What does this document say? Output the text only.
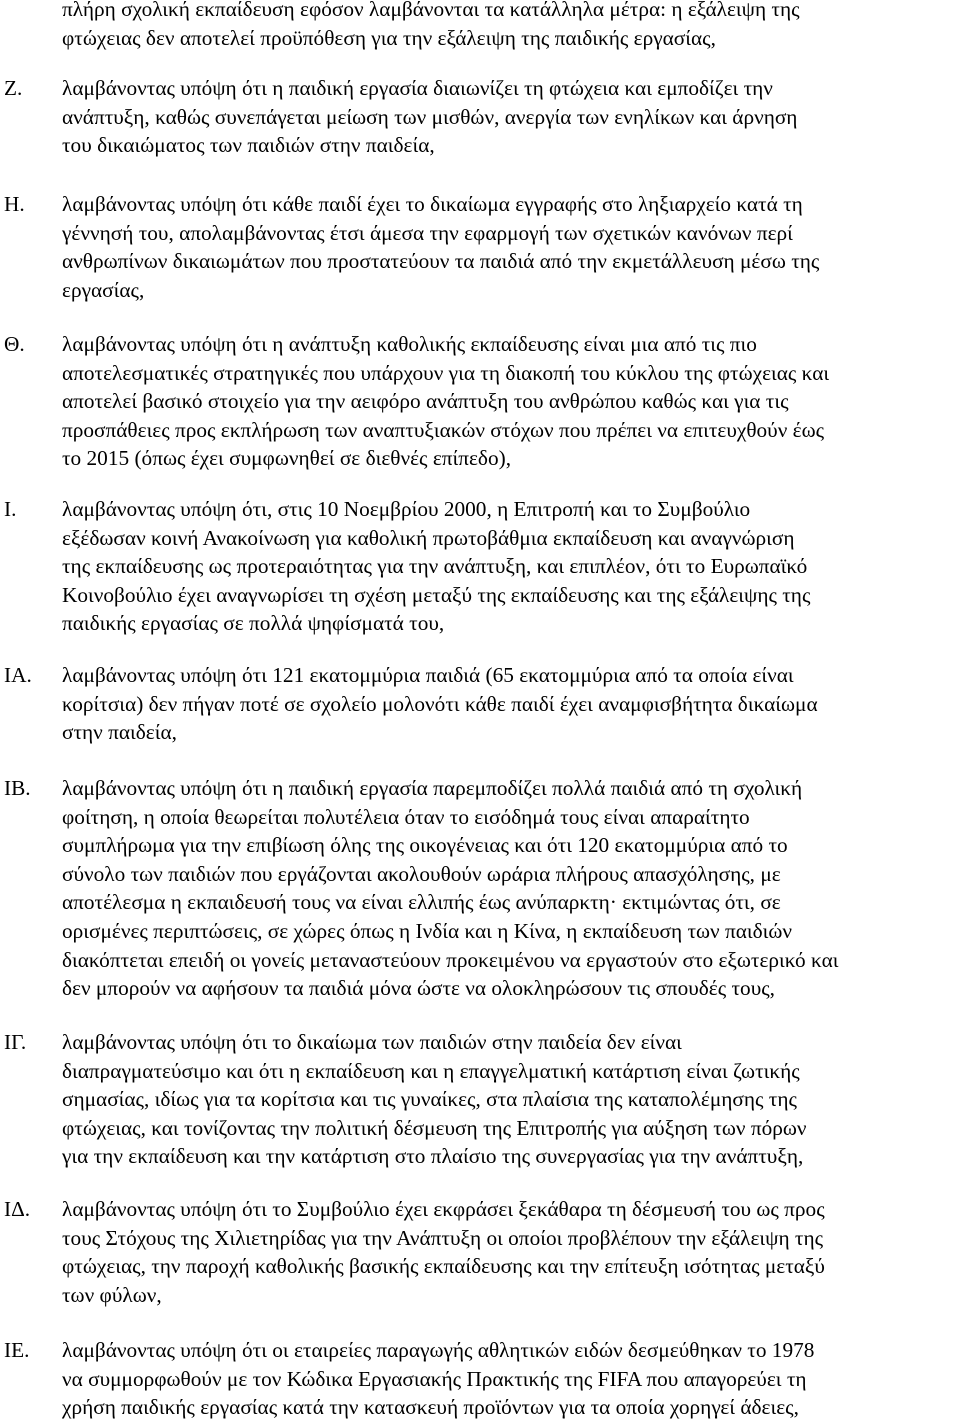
πλήρη σχολική εκπαίδευση εφόσον λαμβάνονται τα κατάλληλα μέτρα: η εξάλειψη της
φτώχειας δεν αποτελεί προϋπόθεση για την εξάλειψη της παιδικής εργασίας,
Ζ. λαμβάνοντας υπόψη ότι η παιδική εργασία διαιωνίζει τη φτώχεια και εμποδίζει την
ανάπτυξη, καθώς συνεπάγεται μείωση των μισθών, ανεργία των ενηλίκων και άρνηση
του δικαιώματος των παιδιών στην παιδεία,
Η. λαμβάνοντας υπόψη ότι κάθε παιδί έχει το δικαίωμα εγγραφής στο ληξιαρχείο κατά τη
γέννησή του, απολαμβάνοντας έτσι άμεσα την εφαρμογή των σχετικών κανόνων περί
ανθρωπίνων δικαιωμάτων που προστατεύουν τα παιδιά από την εκμετάλλευση μέσω της
εργασίας,
Θ. λαμβάνοντας υπόψη ότι η ανάπτυξη καθολικής εκπαίδευσης είναι μια από τις πιο
αποτελεσματικές στρατηγικές που υπάρχουν για τη διακοπή του κύκλου της φτώχειας και
αποτελεί βασικό στοιχείο για την αειφόρο ανάπτυξη του ανθρώπου καθώς και για τις
προσπάθειες προς εκπλήρωση των αναπτυξιακών στόχων που πρέπει να επιτευχθούν έως
το 2015 (όπως έχει συμφωνηθεί σε διεθνές επίπεδο),
Ι. λαμβάνοντας υπόψη ότι, στις 10 Νοεμβρίου 2000, η Επιτροπή και το Συμβούλιο
εξέδωσαν κοινή Ανακοίνωση για καθολική πρωτοβάθμια εκπαίδευση και αναγνώριση
της εκπαίδευσης ως προτεραιότητας για την ανάπτυξη, και επιπλέον, ότι το Ευρωπαϊκό
Κοινοβούλιο έχει αναγνωρίσει τη σχέση μεταξύ της εκπαίδευσης και της εξάλειψης της
παιδικής εργασίας σε πολλά ψηφίσματά του,
ΙΑ. λαμβάνοντας υπόψη ότι 121 εκατομμύρια παιδιά (65 εκατομμύρια από τα οποία είναι
κορίτσια) δεν πήγαν ποτέ σε σχολείο μολονότι κάθε παιδί έχει αναμφισβήτητα δικαίωμα
στην παιδεία,
ΙΒ. λαμβάνοντας υπόψη ότι η παιδική εργασία παρεμποδίζει πολλά παιδιά από τη σχολική
φοίτηση, η οποία θεωρείται πολυτέλεια όταν το εισόδημά τους είναι απαραίτητο
συμπλήρωμα για την επιβίωση όλης της οικογένειας και ότι 120 εκατομμύρια από το
σύνολο των παιδιών που εργάζονται ακολουθούν ωράρια πλήρους απασχόλησης, με
αποτέλεσμα η εκπαιδευσή τους να είναι ελλιπής έως ανύπαρκτη· εκτιμώντας ότι, σε
ορισμένες περιπτώσεις, σε χώρες όπως η Ινδία και η Κίνα, η εκπαίδευση των παιδιών
διακόπτεται επειδή οι γονείς μεταναστεύουν προκειμένου να εργαστούν στο εξωτερικό και
δεν μπορούν να αφήσουν τα παιδιά μόνα ώστε να ολοκληρώσουν τις σπουδές τους,
ΙΓ. λαμβάνοντας υπόψη ότι το δικαίωμα των παιδιών στην παιδεία δεν είναι
διαπραγματεύσιμο και ότι η εκπαίδευση και η επαγγελματική κατάρτιση είναι ζωτικής
σημασίας, ιδίως για τα κορίτσια και τις γυναίκες, στα πλαίσια της καταπολέμησης της
φτώχειας, και τονίζοντας την πολιτική δέσμευση της Επιτροπής για αύξηση των πόρων
για την εκπαίδευση και την κατάρτιση στο πλαίσιο της συνεργασίας για την ανάπτυξη,
ΙΔ. λαμβάνοντας υπόψη ότι το Συμβούλιο έχει εκφράσει ξεκάθαρα τη δέσμευσή του ως προς
τους Στόχους της Χιλιετηρίδας για την Ανάπτυξη οι οποίοι προβλέπουν την εξάλειψη της
φτώχειας, την παροχή καθολικής βασικής εκπαίδευσης και την επίτευξη ισότητας μεταξύ
των φύλων,
ΙΕ. λαμβάνοντας υπόψη ότι οι εταιρείες παραγωγής αθλητικών ειδών δεσμεύθηκαν το 1978
να συμμορφωθούν με τον Κώδικα Εργασιακής Πρακτικής της FIFA που απαγορεύει τη
χρήση παιδικής εργασίας κατά την κατασκευή προϊόντων για τα οποία χορηγεί άδειες,
